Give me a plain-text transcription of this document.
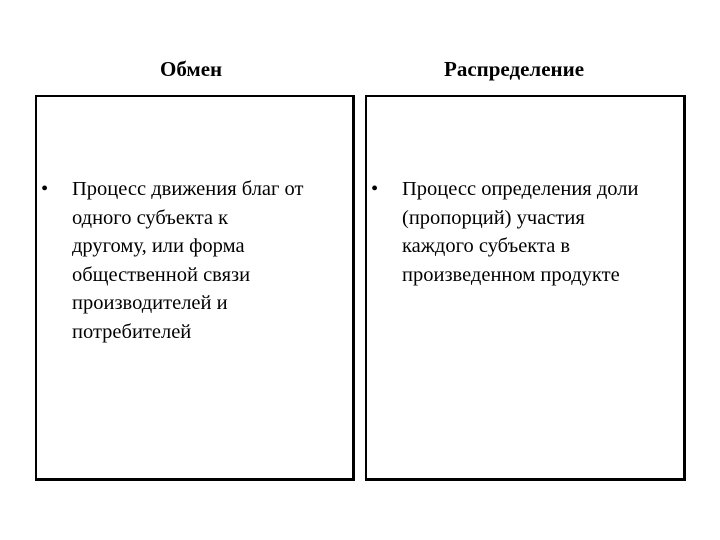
Обмен	Распределение
• Процесс движения благ от
одного субъекта к
другому, или форма
общественной связи
производителей и
потребителей
• Процесс определения доли
(пропорций) участия
каждого субъекта в
произведенном продукте
